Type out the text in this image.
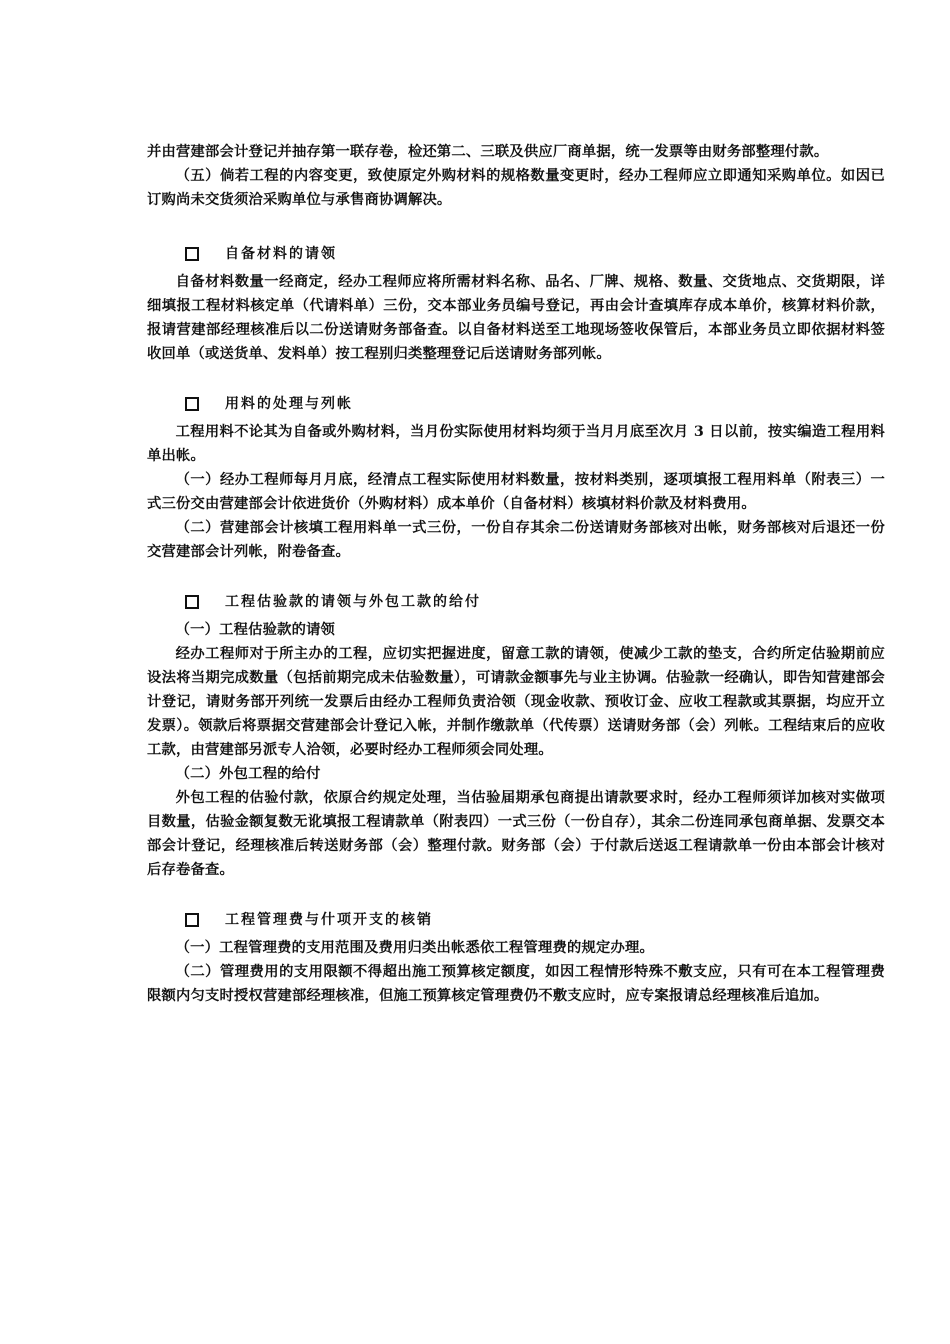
并由营建部会计登记并抽存第一联存卷，检还第二、三联及供应厂商单据，统一发票等由财务部整理付款。

（五）倘若工程的内容变更，致使原定外购材料的规格数量变更时，经办工程师应立即通知采购单位。如因已订购尚未交货须洽采购单位与承售商协调解决。

自备材料的请领

自备材料数量一经商定，经办工程师应将所需材料名称、品名、厂牌、规格、数量、交货地点、交货期限，详细填报工程材料核定单（代请料单）三份，交本部业务员编号登记，再由会计查填库存成本单价，核算材料价款，报请营建部经理核准后以二份送请财务部备查。以自备材料送至工地现场签收保管后，本部业务员立即依据材料签收回单（或送货单、发料单）按工程别归类整理登记后送请财务部列帐。

用料的处理与列帐

工程用料不论其为自备或外购材料，当月份实际使用材料均须于当月月底至次月 3 日以前，按实编造工程用料单出帐。

（一）经办工程师每月月底，经清点工程实际使用材料数量，按材料类别，逐项填报工程用料单（附表三）一式三份交由营建部会计依进货价（外购材料）成本单价（自备材料）核填材料价款及材料费用。

（二）营建部会计核填工程用料单一式三份，一份自存其余二份送请财务部核对出帐，财务部核对后退还一份交营建部会计列帐，附卷备查。

工程估验款的请领与外包工款的给付

（一）工程估验款的请领

经办工程师对于所主办的工程，应切实把握进度，留意工款的请领，使减少工款的垫支，合约所定估验期前应设法将当期完成数量（包括前期完成未估验数量），可请款金额事先与业主协调。估验款一经确认，即告知营建部会计登记，请财务部开列统一发票后由经办工程师负责洽领（现金收款、预收订金、应收工程款或其票据，均应开立发票）。领款后将票据交营建部会计登记入帐，并制作缴款单（代传票）送请财务部（会）列帐。工程结束后的应收工款，由营建部另派专人洽领，必要时经办工程师须会同处理。

（二）外包工程的给付

外包工程的估验付款，依原合约规定处理，当估验届期承包商提出请款要求时，经办工程师须详加核对实做项目数量，估验金额复数无讹填报工程请款单（附表四）一式三份（一份自存），其余二份连同承包商单据、发票交本部会计登记，经理核准后转送财务部（会）整理付款。财务部（会）于付款后送返工程请款单一份由本部会计核对后存卷备查。

工程管理费与什项开支的核销

（一）工程管理费的支用范围及费用归类出帐悉依工程管理费的规定办理。

（二）管理费用的支用限额不得超出施工预算核定额度，如因工程情形特殊不敷支应，只有可在本工程管理费限额内匀支时授权营建部经理核准，但施工预算核定管理费仍不敷支应时，应专案报请总经理核准后追加。
